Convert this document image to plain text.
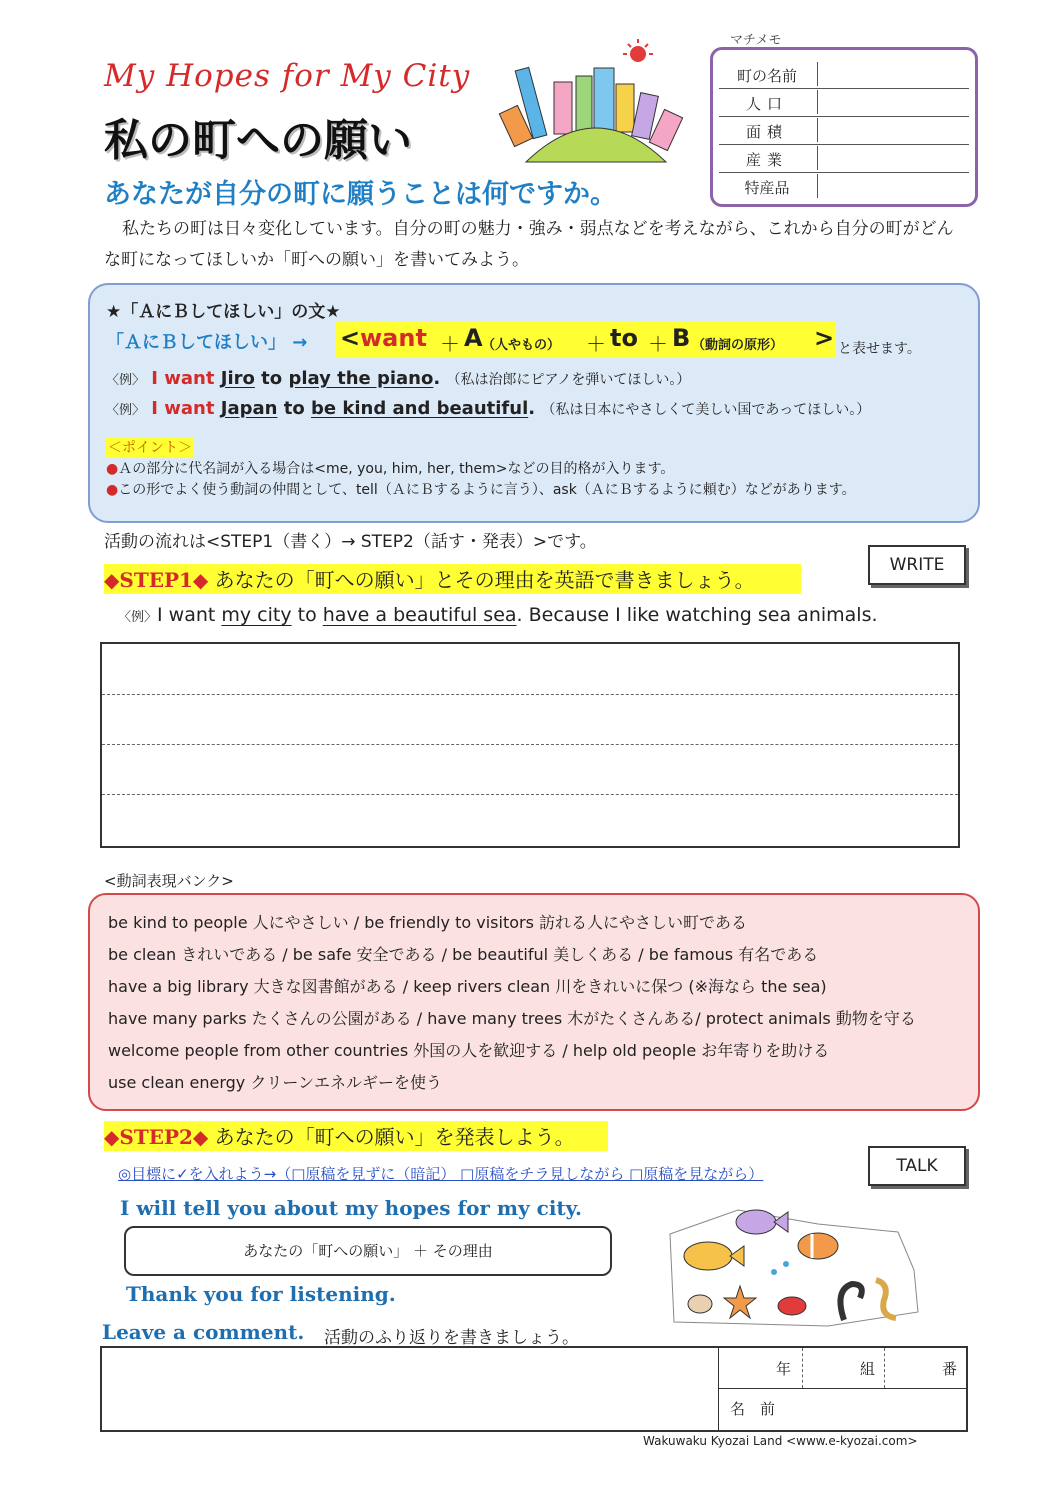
My Hopes for My City
私の町への願い
あなたが自分の町に願うことは何ですか。
私たちの町は日々変化しています。自分の町の魅力・強み・弱点などを考えながら、これから自分の町がどんな町になってほしいか「町への願い」を書いてみよう。
マチメモ
町の名前
人口
面積
産業
特産品
★「ＡにＢしてほしい」の文★
「ＡにＢしてほしい」 → < want ＋ A （人やもの） ＋ to ＋ B （動詞の原形） > と表せます。
〈例〉 I want Jiro to play the piano. （私は治郎にピアノを弾いてほしい。）
〈例〉 I want Japan to be kind and beautiful. （私は日本にやさしくて美しい国であってほしい。）
＜ポイント＞
●Ａの部分に代名詞が入る場合は<me, you, him, her, them>などの目的格が入ります。
●この形でよく使う動詞の仲間として、tell（ＡにＢするように言う）、ask（ＡにＢするように頼む）などがあります。
活動の流れは<STEP1（書く）→ STEP2（話す・発表）>です。
◆STEP1◆ あなたの「町への願い」とその理由を英語で書きましょう。
WRITE
〈例〉I want my city to have a beautiful sea. Because I like watching sea animals.
<動詞表現バンク>
be kind to people 人にやさしい / be friendly to visitors 訪れる人にやさしい町である
be clean きれいである / be safe 安全である / be beautiful 美しくある / be famous 有名である
have a big library 大きな図書館がある / keep rivers clean 川をきれいに保つ (※海なら the sea)
have many parks たくさんの公園がある / have many trees 木がたくさんある/ protect animals 動物を守る
welcome people from other countries 外国の人を歓迎する / help old people お年寄りを助ける
use clean energy クリーンエネルギーを使う
◆STEP2◆ あなたの「町への願い」を発表しよう。
TALK
◎目標に✓を入れよう→（□原稿を見ずに（暗記） □原稿をチラ見しながら □原稿を見ながら）
I will tell you about my hopes for my city.
あなたの「町への願い」 ＋ その理由
Thank you for listening.
Leave a comment. 活動のふり返りを書きましょう。
年	組	番
名　前
Wakuwaku Kyozai Land <www.e-kyozai.com>
